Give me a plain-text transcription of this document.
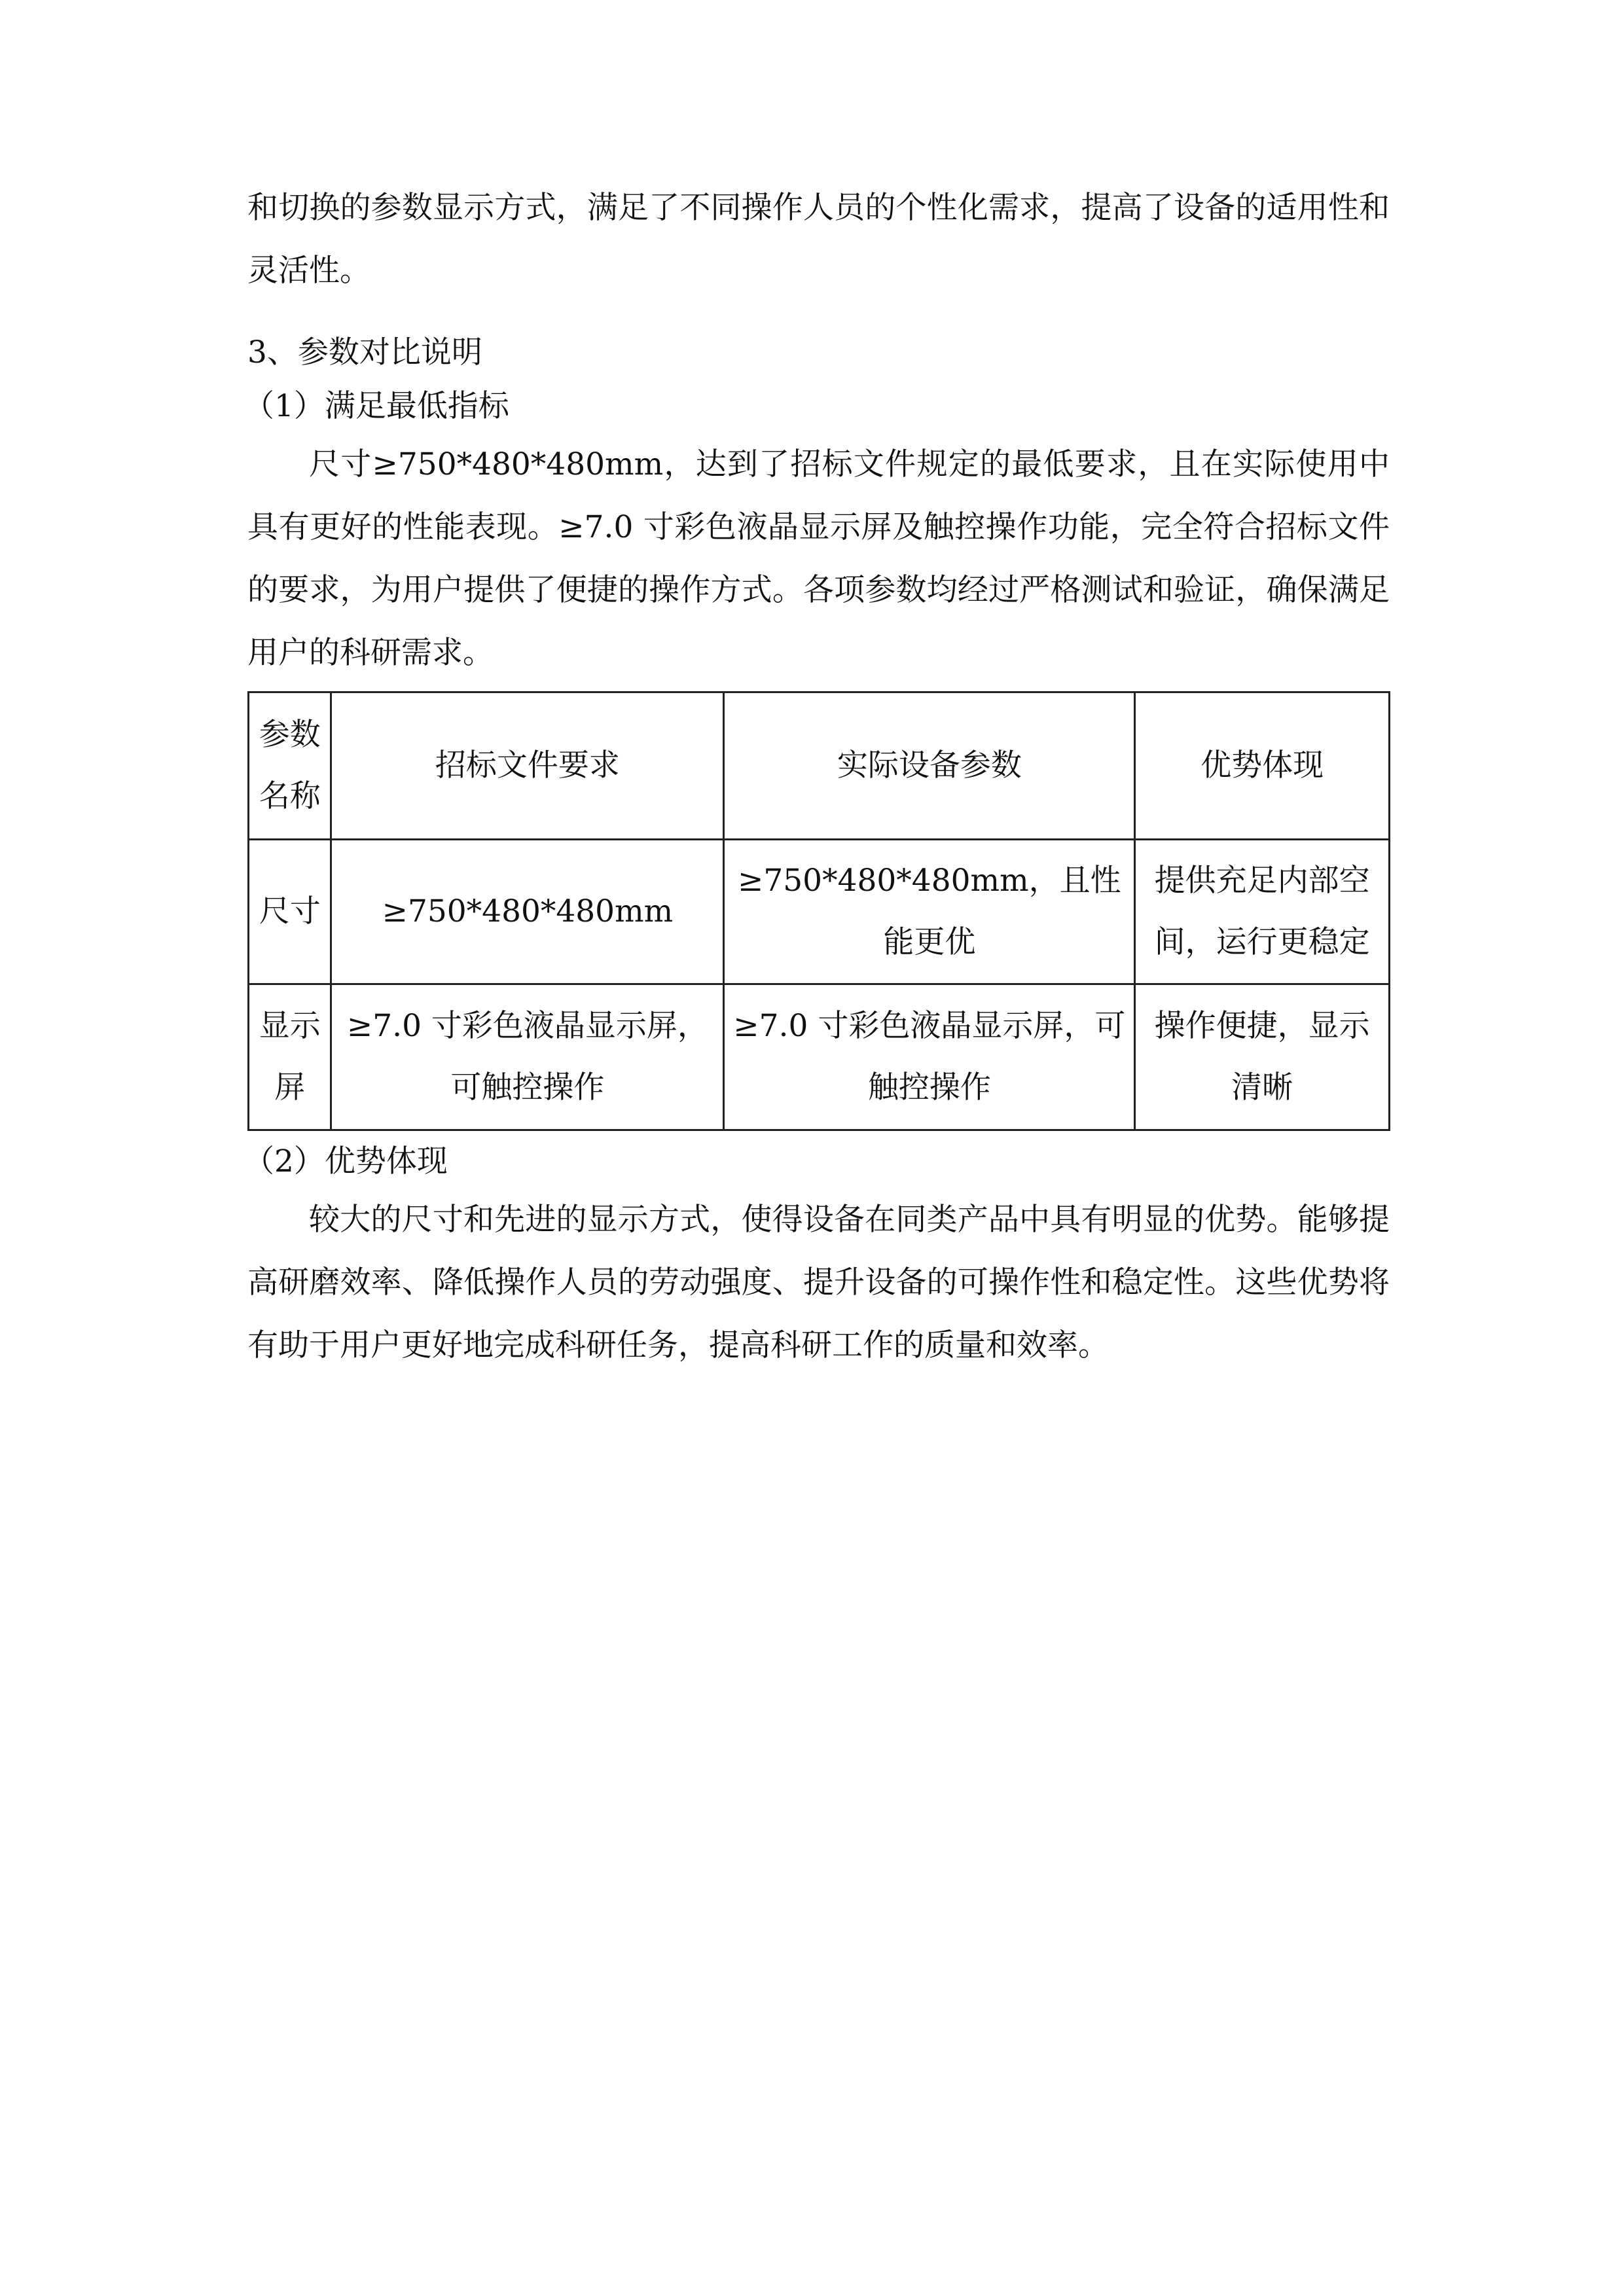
和切换的参数显示方式，满足了不同操作人员的个性化需求，提高了设备的适用性和灵活性。

3、参数对比说明

（1）满足最低指标

尺寸≥750*480*480mm，达到了招标文件规定的最低要求，且在实际使用中具有更好的性能表现。≥7.0 寸彩色液晶显示屏及触控操作功能，完全符合招标文件的要求，为用户提供了便捷的操作方式。各项参数均经过严格测试和验证，确保满足用户的科研需求。

参数名称	招标文件要求	实际设备参数	优势体现
尺寸	≥750*480*480mm	≥750*480*480mm，且性能更优	提供充足内部空间，运行更稳定
显示屏	≥7.0 寸彩色液晶显示屏，可触控操作	≥7.0 寸彩色液晶显示屏，可触控操作	操作便捷，显示清晰

（2）优势体现

较大的尺寸和先进的显示方式，使得设备在同类产品中具有明显的优势。能够提高研磨效率、降低操作人员的劳动强度、提升设备的可操作性和稳定性。这些优势将有助于用户更好地完成科研任务，提高科研工作的质量和效率。
